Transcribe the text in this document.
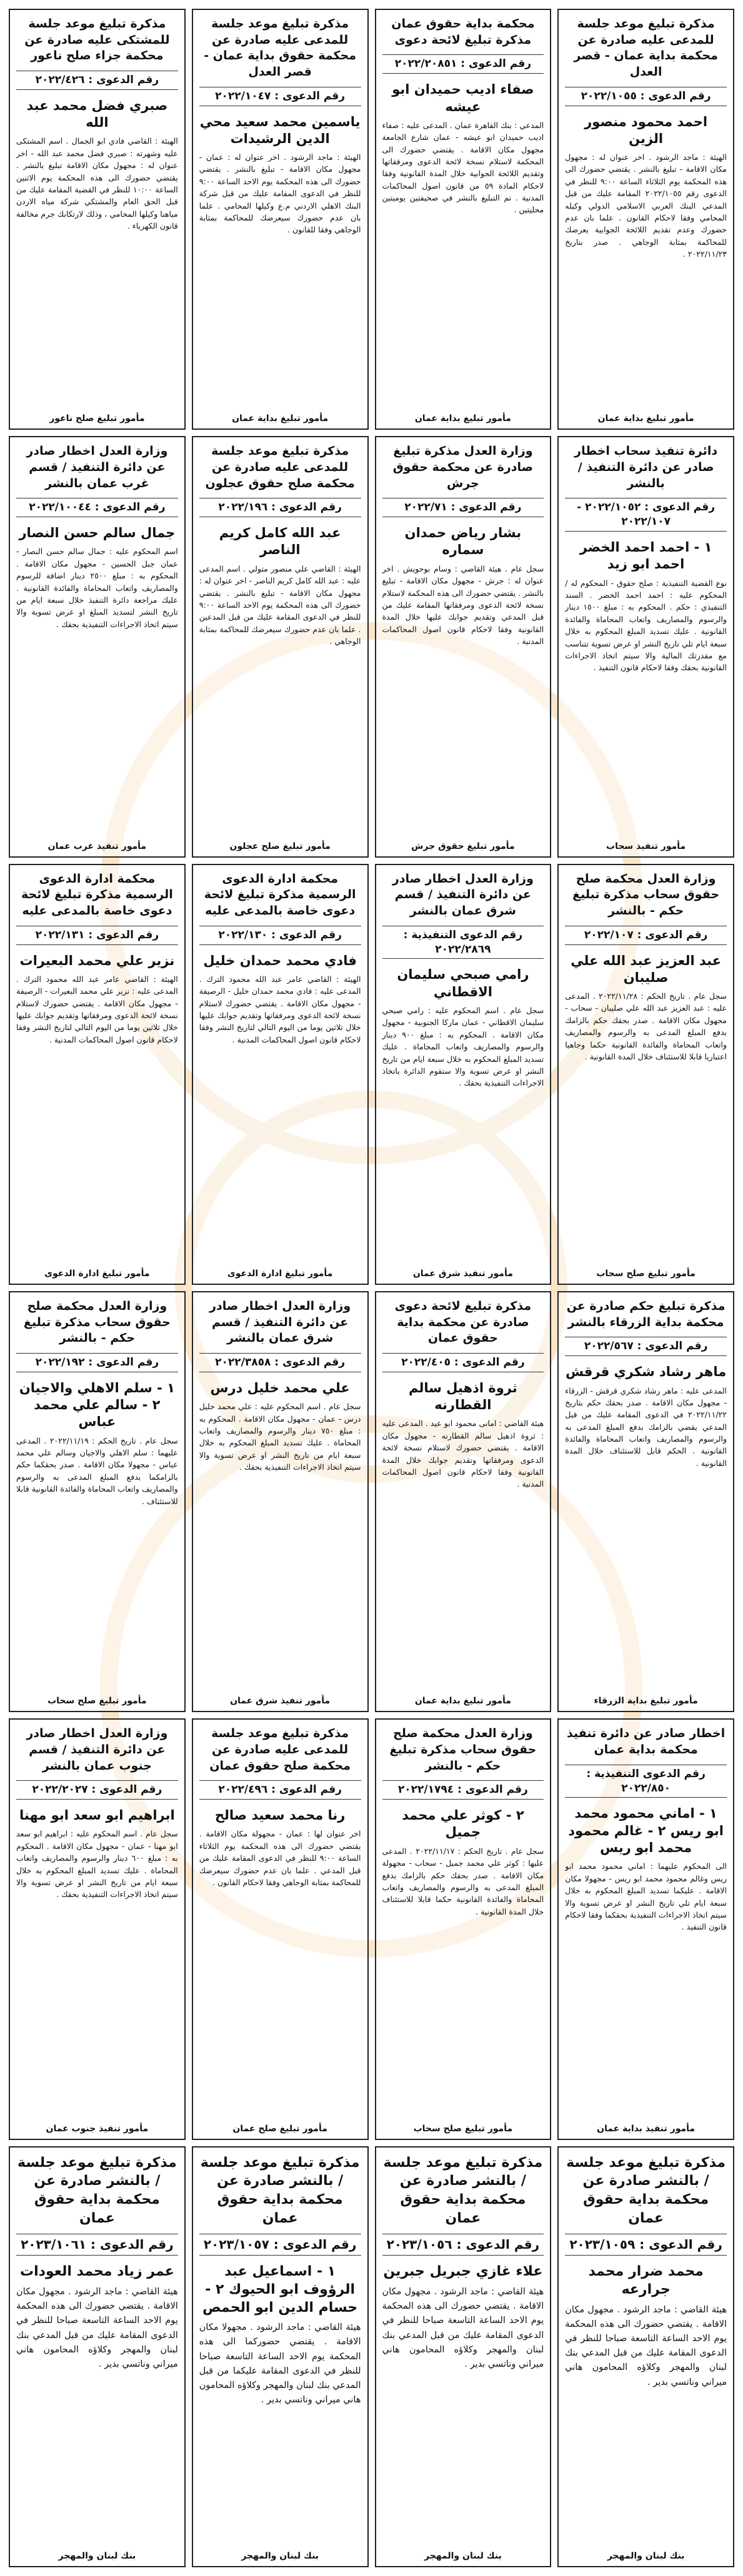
مذكرة تبليغ موعد جلسة للمدعى عليه صادرة عن محكمة بداية عمان - قصر العدل
رقم الدعوى : ٢٠٢٢/١٠٥٥
احمد محمود منصور الزين
الهيئة : ماجد الرشود . اخر عنوان له : مجهول مكان الاقامة - تبليغ بالنشر . يقتضي حضورك الى هذه المحكمة يوم الثلاثاء الساعة ٩:٠٠ للنظر في الدعوى رقم ٢٠٢٢/١٠٥٥ المقامة عليك من قبل المدعي البنك العربي الاسلامي الدولي وكيله المحامي وفقا لاحكام القانون . علما بان عدم حضورك وعدم تقديم اللائحة الجوابية يعرضك للمحاكمة بمثابة الوجاهي . صدر بتاريخ ٢٠٢٢/١١/٢٣ .
مأمور تبليغ بداية عمان
محكمة بداية حقوق عمان مذكرة تبليغ لائحة دعوى
رقم الدعوى : ٢٠٢٢/٢٠٨٥١
صفاء اديب حميدان ابو عيشه
المدعي : بنك القاهرة عمان . المدعى عليه : صفاء اديب حميدان ابو عيشه - عمان شارع الجامعة مجهول مكان الاقامة . يقتضي حضورك الى المحكمة لاستلام نسخة لائحة الدعوى ومرفقاتها وتقديم اللائحة الجوابية خلال المدة القانونية وفقا لاحكام المادة ٥٩ من قانون اصول المحاكمات المدنية . تم التبليغ بالنشر في صحيفتين يوميتين محليتين .
مأمور تبليغ بداية عمان
مذكرة تبليغ موعد جلسة للمدعى عليه صادرة عن محكمة حقوق بداية عمان - قصر العدل
رقم الدعوى : ٢٠٢٢/١٠٤٧
ياسمين محمد سعيد محي الدين الرشيدات
الهيئة : ماجد الرشود . اخر عنوان له : عمان - مجهول مكان الاقامة - تبليغ بالنشر . يقتضي حضورك الى هذه المحكمة يوم الاحد الساعة ٩:٠٠ للنظر في الدعوى المقامة عليك من قبل شركة البنك الاهلي الاردني م.ع وكيلها المحامي . علما بان عدم حضورك سيعرضك للمحاكمة بمثابة الوجاهي وفقا للقانون .
مأمور تبليغ بداية عمان
مذكرة تبليغ موعد جلسة للمشتكى عليه صادرة عن محكمة جزاء صلح ناعور
رقم الدعوى : ٢٠٢٢/٤٢٦
صبري فضل محمد عبد الله
الهيئة : القاضي فادي ابو الجمال . اسم المشتكى عليه وشهرته : صبري فضل محمد عبد الله - اخر عنوان له : مجهول مكان الاقامة تبليغ بالنشر . يقتضي حضورك الى هذه المحكمة يوم الاثنين الساعة ١٠:٠٠ للنظر في القضية المقامة عليك من قبل الحق العام والمشتكي شركة مياه الاردن مياهنا وكيلها المحامي ، وذلك لارتكابك جرم مخالفة قانون الكهرباء .
مأمور تبليغ صلح ناعور
دائرة تنفيذ سحاب اخطار صادر عن دائرة التنفيذ / بالنشر
رقم الدعوى : ٢٠٢٢/١٠٥٢ - ٢٠٢٢/١٠٧
١ - احمد احمد الخضر احمد ابو زيد
نوع القضية التنفيذية : صلح حقوق - المحكوم له / المحكوم عليه : احمد احمد الخضر . السند التنفيذي : حكم . المحكوم به : مبلغ ١٥٠٠ دينار والرسوم والمصاريف واتعاب المحاماة والفائدة القانونية . عليك تسديد المبلغ المحكوم به خلال سبعة ايام تلي تاريخ النشر او عرض تسوية تتناسب مع مقدرتك المالية والا سيتم اتخاذ الاجراءات القانونية بحقك وفقا لاحكام قانون التنفيذ .
مأمور تنفيذ سحاب
وزارة العدل مذكرة تبليغ صادرة عن محكمة حقوق جرش
رقم الدعوى : ٢٠٢٢/٧١
بشار رياض حمدان سماره
سجل عام . هيئة القاضي : وسام بوحويش . اخر عنوان له : جرش - مجهول مكان الاقامة - تبليغ بالنشر . يقتضي حضورك الى هذه المحكمة لاستلام نسخة لائحة الدعوى ومرفقاتها المقامة عليك من قبل المدعي وتقديم جوابك عليها خلال المدة القانونية وفقا لاحكام قانون اصول المحاكمات المدنية .
مأمور تبليغ حقوق جرش
مذكرة تبليغ موعد جلسة للمدعى عليه صادرة عن محكمة صلح حقوق عجلون
رقم الدعوى : ٢٠٢٢/١٩٦
عبد الله كامل كريم الناصر
الهيئة : القاضي علي منصور متولي . اسم المدعى عليه : عبد الله كامل كريم الناصر - اخر عنوان له : مجهول مكان الاقامة - تبليغ بالنشر . يقتضي حضورك الى هذه المحكمة يوم الاحد الساعة ٩:٠٠ للنظر في الدعوى المقامة عليك من قبل المدعين . علما بان عدم حضورك سيعرضك للمحاكمة بمثابة الوجاهي .
مأمور تبليغ صلح عجلون
وزارة العدل اخطار صادر عن دائرة التنفيذ / قسم غرب عمان بالنشر
رقم الدعوى : ٢٠٢٢/١٠٠٤٤
جمال سالم حسن النصار
اسم المحكوم عليه : جمال سالم حسن النصار - عمان جبل الحسين - مجهول مكان الاقامة . المحكوم به : مبلغ ٢٥٠٠ دينار اضافة للرسوم والمصاريف واتعاب المحاماة والفائدة القانونية . عليك مراجعة دائرة التنفيذ خلال سبعة ايام من تاريخ النشر لتسديد المبلغ او عرض تسوية والا سيتم اتخاذ الاجراءات التنفيذية بحقك .
مأمور تنفيذ غرب عمان
وزارة العدل محكمة صلح حقوق سحاب مذكرة تبليغ حكم - بالنشر
رقم الدعوى : ٢٠٢٢/١٠٧
عبد العزيز عبد الله علي صليبان
سجل عام . تاريخ الحكم : ٢٠٢٢/١١/٢٨ . المدعى عليه : عبد العزيز عبد الله علي صليبان - سحاب - مجهول مكان الاقامة . صدر بحقك حكم بالزامك بدفع المبلغ المدعى به والرسوم والمصاريف واتعاب المحاماة والفائدة القانونية حكما وجاهيا اعتباريا قابلا للاستئناف خلال المدة القانونية .
مأمور تبليغ صلح سحاب
وزارة العدل اخطار صادر عن دائرة التنفيذ / قسم شرق عمان بالنشر
رقم الدعوى التنفيذية : ٢٠٢٢/٢٨٦٩
رامي صبحي سليمان الاقطاني
سجل عام . اسم المحكوم عليه : رامي صبحي سليمان الاقطاني - عمان ماركا الجنوبية - مجهول مكان الاقامة . المحكوم به : مبلغ ٩٠٠ دينار والرسوم والمصاريف واتعاب المحاماة . عليك تسديد المبلغ المحكوم به خلال سبعة ايام من تاريخ النشر او عرض تسوية والا ستقوم الدائرة باتخاذ الاجراءات التنفيذية بحقك .
مأمور تنفيذ شرق عمان
محكمة ادارة الدعوى الرسمية مذكرة تبليغ لائحة دعوى خاصة بالمدعى عليه
رقم الدعوى : ٢٠٢٢/١٣٠
فادي محمد حمدان خليل
الهيئة : القاضي عامر عبد الله محمود الترك . المدعى عليه : فادي محمد حمدان خليل - الرصيفة - مجهول مكان الاقامة . يقتضي حضورك لاستلام نسخة لائحة الدعوى ومرفقاتها وتقديم جوابك عليها خلال ثلاثين يوما من اليوم التالي لتاريخ النشر وفقا لاحكام قانون اصول المحاكمات المدنية .
مأمور تبليغ ادارة الدعوى
محكمة ادارة الدعوى الرسمية مذكرة تبليغ لائحة دعوى خاصة بالمدعى عليه
رقم الدعوى : ٢٠٢٢/١٣١
نزير علي محمد البعيرات
الهيئة : القاضي عامر عبد الله محمود الترك . المدعى عليه : نزير علي محمد البعيرات - الرصيفة - مجهول مكان الاقامة . يقتضي حضورك لاستلام نسخة لائحة الدعوى ومرفقاتها وتقديم جوابك عليها خلال ثلاثين يوما من اليوم التالي لتاريخ النشر وفقا لاحكام قانون اصول المحاكمات المدنية .
مأمور تبليغ ادارة الدعوى
مذكرة تبليغ حكم صادرة عن محكمة بداية الزرقاء بالنشر
رقم الدعوى : ٢٠٢٢/٥٦٧
ماهر رشاد شكري قرقش
المدعى عليه : ماهر رشاد شكري قرقش - الزرقاء - مجهول مكان الاقامة . صدر بحقك حكم بتاريخ ٢٠٢٢/١١/٢٢ في الدعوى المقامة عليك من قبل المدعي يقضي بالزامك بدفع المبلغ المدعى به والرسوم والمصاريف واتعاب المحاماة والفائدة القانونية . الحكم قابل للاستئناف خلال المدة القانونية .
مأمور تبليغ بداية الزرقاء
مذكرة تبليغ لائحة دعوى صادرة عن محكمة بداية حقوق عمان
رقم الدعوى : ٢٠٢٢/٤٠٥
ثروة اذهيل سالم القطارنه
هيئة القاضي : امانى محمود ابو عيد . المدعى عليه : ثروة اذهيل سالم القطارنه - مجهول مكان الاقامة . يقتضي حضورك لاستلام نسخة لائحة الدعوى ومرفقاتها وتقديم جوابك خلال المدة القانونية وفقا لاحكام قانون اصول المحاكمات المدنية .
مأمور تبليغ بداية عمان
وزارة العدل اخطار صادر عن دائرة التنفيذ / قسم شرق عمان بالنشر
رقم الدعوى : ٢٠٢٢/٣٨٥٨
علي محمد خليل درس
سجل عام . اسم المحكوم عليه : علي محمد خليل درس - عمان - مجهول مكان الاقامة . المحكوم به : مبلغ ٧٥٠ دينار والرسوم والمصاريف واتعاب المحاماة . عليك تسديد المبلغ المحكوم به خلال سبعة ايام من تاريخ النشر او عرض تسوية والا سيتم اتخاذ الاجراءات التنفيذية بحقك .
مأمور تنفيذ شرق عمان
وزارة العدل محكمة صلح حقوق سحاب مذكرة تبليغ حكم - بالنشر
رقم الدعوى : ٢٠٢٢/١٩٢
١ - سلم الاهلي والاجيان ٢ - سالم علي محمد عباس
سجل عام . تاريخ الحكم : ٢٠٢٢/١١/١٩ . المدعى عليهما : سلم الاهلي والاجيان وسالم علي محمد عباس - مجهولا مكان الاقامة . صدر بحقكما حكم بالزامكما بدفع المبلغ المدعى به والرسوم والمصاريف واتعاب المحاماة والفائدة القانونية قابلا للاستئناف .
مأمور تبليغ صلح سحاب
اخطار صادر عن دائرة تنفيذ محكمة بداية عمان
رقم الدعوى التنفيذية : ٢٠٢٢/٨٥٠
١ - اماني محمود محمد ابو ريس ٢ - غالم محمود محمد ابو ريس
الى المحكوم عليهما : اماني محمود محمد ابو ريس وغالم محمود محمد ابو ريس - مجهولا مكان الاقامة . عليكما تسديد المبلغ المحكوم به خلال سبعة ايام تلي تاريخ النشر او عرض تسوية والا سيتم اتخاذ الاجراءات التنفيذية بحقكما وفقا لاحكام قانون التنفيذ .
مأمور تنفيذ بداية عمان
وزارة العدل محكمة صلح حقوق سحاب مذكرة تبليغ حكم - بالنشر
رقم الدعوى : ٢٠٢٢/١٧٩٤
٢ - كوثر علي محمد جميل
سجل عام . تاريخ الحكم : ٢٠٢٢/١١/١٧ . المدعى عليها : كوثر علي محمد جميل - سحاب - مجهولة مكان الاقامة . صدر بحقك حكم بالزامك بدفع المبلغ المدعى به والرسوم والمصاريف واتعاب المحاماة والفائدة القانونية حكما قابلا للاستئناف خلال المدة القانونية .
مأمور تبليغ صلح سحاب
مذكرة تبليغ موعد جلسة للمدعى عليه صادرة عن محكمة صلح حقوق عمان
رقم الدعوى : ٢٠٢٢/٤٩٦
رنا محمد سعيد صالح
اخر عنوان لها : عمان - مجهولة مكان الاقامة . يقتضي حضورك الى هذه المحكمة يوم الثلاثاء الساعة ٩:٠٠ للنظر في الدعوى المقامة عليك من قبل المدعي . علما بان عدم حضورك سيعرضك للمحاكمة بمثابة الوجاهي وفقا لاحكام القانون .
مأمور تبليغ صلح عمان
وزارة العدل اخطار صادر عن دائرة التنفيذ / قسم جنوب عمان بالنشر
رقم الدعوى : ٢٠٢٢/٢٠٢٧
ابراهيم ابو سعد ابو مهنا
سجل عام . اسم المحكوم عليه : ابراهيم ابو سعد ابو مهنا - عمان - مجهول مكان الاقامة . المحكوم به : مبلغ ٦٠٠ دينار والرسوم والمصاريف واتعاب المحاماة . عليك تسديد المبلغ المحكوم به خلال سبعة ايام من تاريخ النشر او عرض تسوية والا سيتم اتخاذ الاجراءات التنفيذية بحقك .
مأمور تنفيذ جنوب عمان
مذكرة تبليغ موعد جلسة / بالنشر صادرة عن محكمة بداية حقوق عمان
رقم الدعوى : ٢٠٢٣/١٠٥٩
محمد ضرار محمد جرارعه
هيئة القاضي : ماجد الرشود . مجهول مكان الاقامة . يقتضي حضورك الى هذه المحكمة يوم الاحد الساعة التاسعة صباحا للنظر في الدعوى المقامة عليك من قبل المدعي بنك لبنان والمهجر وكلاؤه المحامون هاني ميراني وناتسي بدير .
بنك لبنان والمهجر
مذكرة تبليغ موعد جلسة / بالنشر صادرة عن محكمة بداية حقوق عمان
رقم الدعوى : ٢٠٢٣/١٠٥٦
علاء غازي جبريل جبرين
هيئة القاضي : ماجد الرشود . مجهول مكان الاقامة . يقتضي حضورك الى هذه المحكمة يوم الاحد الساعة التاسعة صباحا للنظر في الدعوى المقامة عليك من قبل المدعي بنك لبنان والمهجر وكلاؤه المحامون هاني ميراني وناتسي بدير .
بنك لبنان والمهجر
مذكرة تبليغ موعد جلسة / بالنشر صادرة عن محكمة بداية حقوق عمان
رقم الدعوى : ٢٠٢٣/١٠٥٧
١ - اسماعيل عبد الرؤوف ابو الحيوك ٢ - حسام الدين ابو الحمص
هيئة القاضي : ماجد الرشود . مجهولا مكان الاقامة . يقتضي حضوركما الى هذه المحكمة يوم الاحد الساعة التاسعة صباحا للنظر في الدعوى المقامة عليكما من قبل المدعي بنك لبنان والمهجر وكلاؤه المحامون هاني ميراني وناتسي بدير .
بنك لبنان والمهجر
مذكرة تبليغ موعد جلسة / بالنشر صادرة عن محكمة بداية حقوق عمان
رقم الدعوى : ٢٠٢٣/١٠٦١
عمر زياد محمد العودات
هيئة القاضي : ماجد الرشود . مجهول مكان الاقامة . يقتضي حضورك الى هذه المحكمة يوم الاحد الساعة التاسعة صباحا للنظر في الدعوى المقامة عليك من قبل المدعي بنك لبنان والمهجر وكلاؤه المحامون هاني ميراني وناتسي بدير .
بنك لبنان والمهجر
